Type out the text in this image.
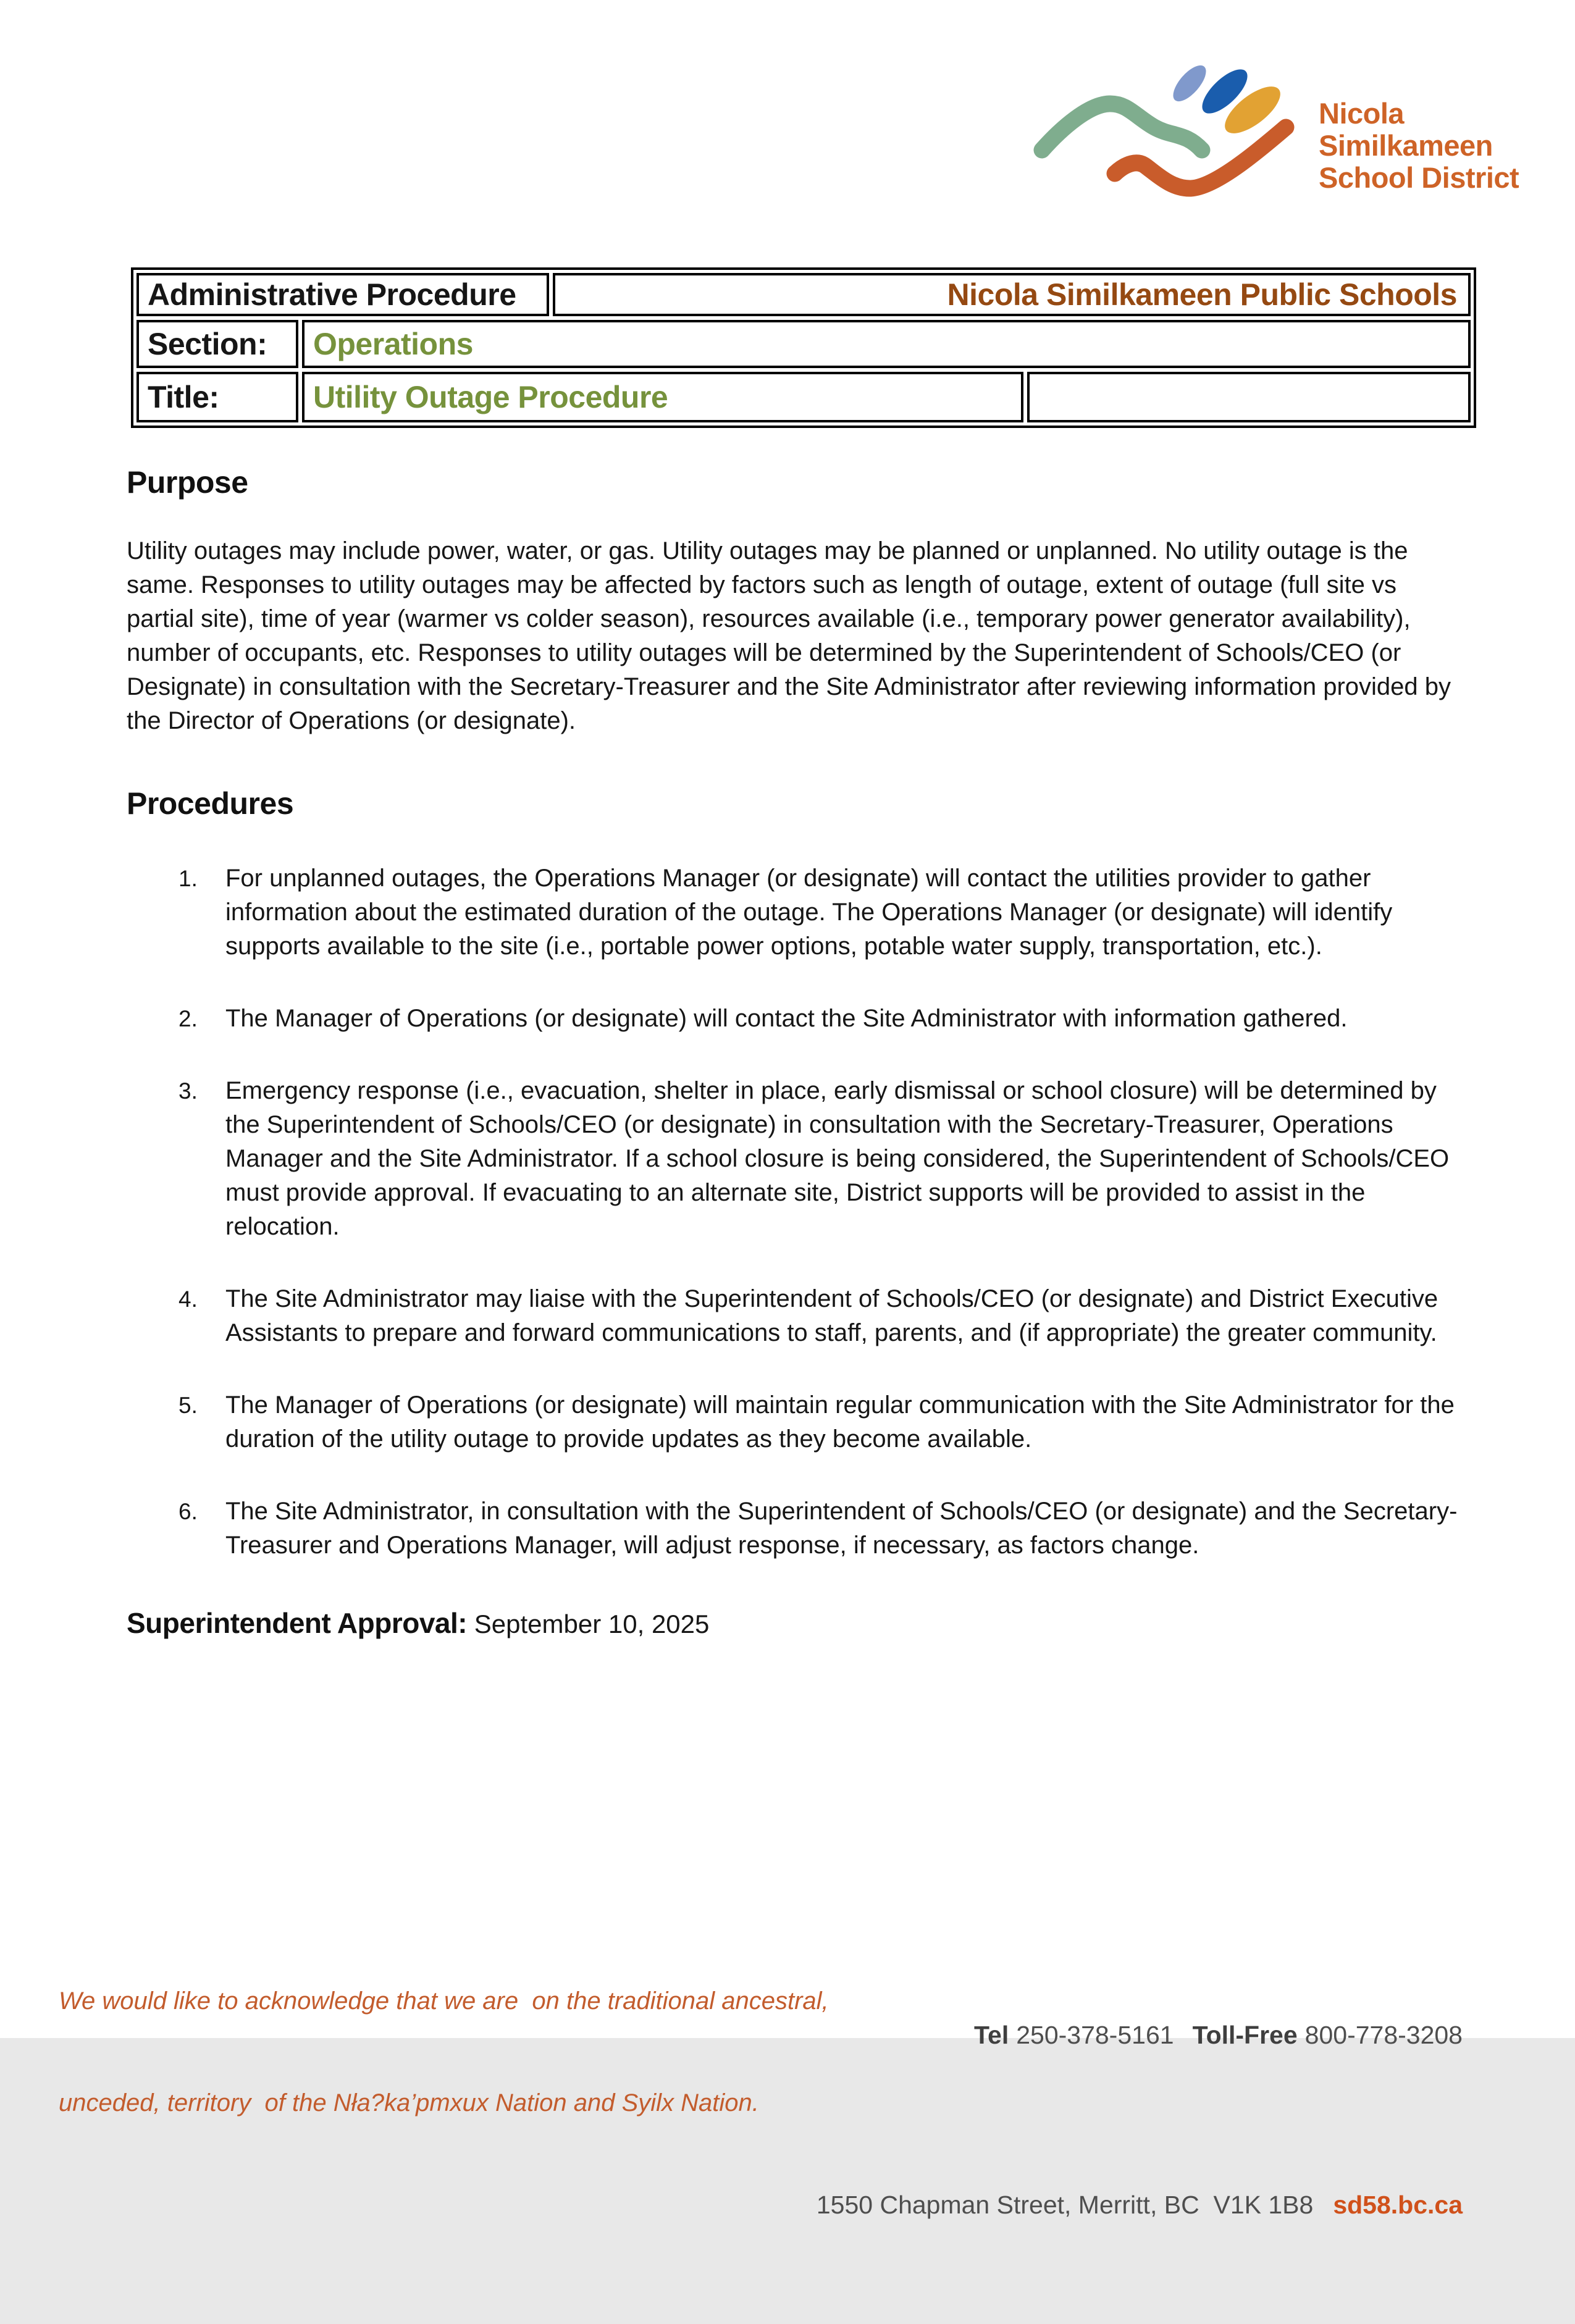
Nicola
Similkameen
School District
Administrative Procedure	Nicola Similkameen Public Schools
Section:	Operations
Title:	Utility Outage Procedure
Purpose
Utility outages may include power, water, or gas. Utility outages may be planned or unplanned. No utility outage is the same. Responses to utility outages may be affected by factors such as length of outage, extent of outage (full site vs partial site), time of year (warmer vs colder season), resources available (i.e., temporary power generator availability), number of occupants, etc. Responses to utility outages will be determined by the Superintendent of Schools/CEO (or Designate) in consultation with the Secretary-Treasurer and the Site Administrator after reviewing information provided by the Director of Operations (or designate).
Procedures
1.	For unplanned outages, the Operations Manager (or designate) will contact the utilities provider to gather information about the estimated duration of the outage. The Operations Manager (or designate) will identify supports available to the site (i.e., portable power options, potable water supply, transportation, etc.).
2.	The Manager of Operations (or designate) will contact the Site Administrator with information gathered.
3.	Emergency response (i.e., evacuation, shelter in place, early dismissal or school closure) will be determined by the Superintendent of Schools/CEO (or designate) in consultation with the Secretary-Treasurer, Operations Manager and the Site Administrator. If a school closure is being considered, the Superintendent of Schools/CEO must provide approval. If evacuating to an alternate site, District supports will be provided to assist in the relocation.
4.	The Site Administrator may liaise with the Superintendent of Schools/CEO (or designate) and District Executive Assistants to prepare and forward communications to staff, parents, and (if appropriate) the greater community.
5.	The Manager of Operations (or designate) will maintain regular communication with the Site Administrator for the duration of the utility outage to provide updates as they become available.
6.	The Site Administrator, in consultation with the Superintendent of Schools/CEO (or designate) and the Secretary-Treasurer and Operations Manager, will adjust response, if necessary, as factors change.
Superintendent Approval: September 10, 2025

We would like to acknowledge that we are  on the traditional ancestral,

unceded, territory  of the Nła?ka’pmxux Nation and Syilx Nation.

Tel 250-378-5161 Toll-Free 800-778-3208

1550 Chapman Street, Merritt, BC  V1K 1B8 sd58.bc.ca
